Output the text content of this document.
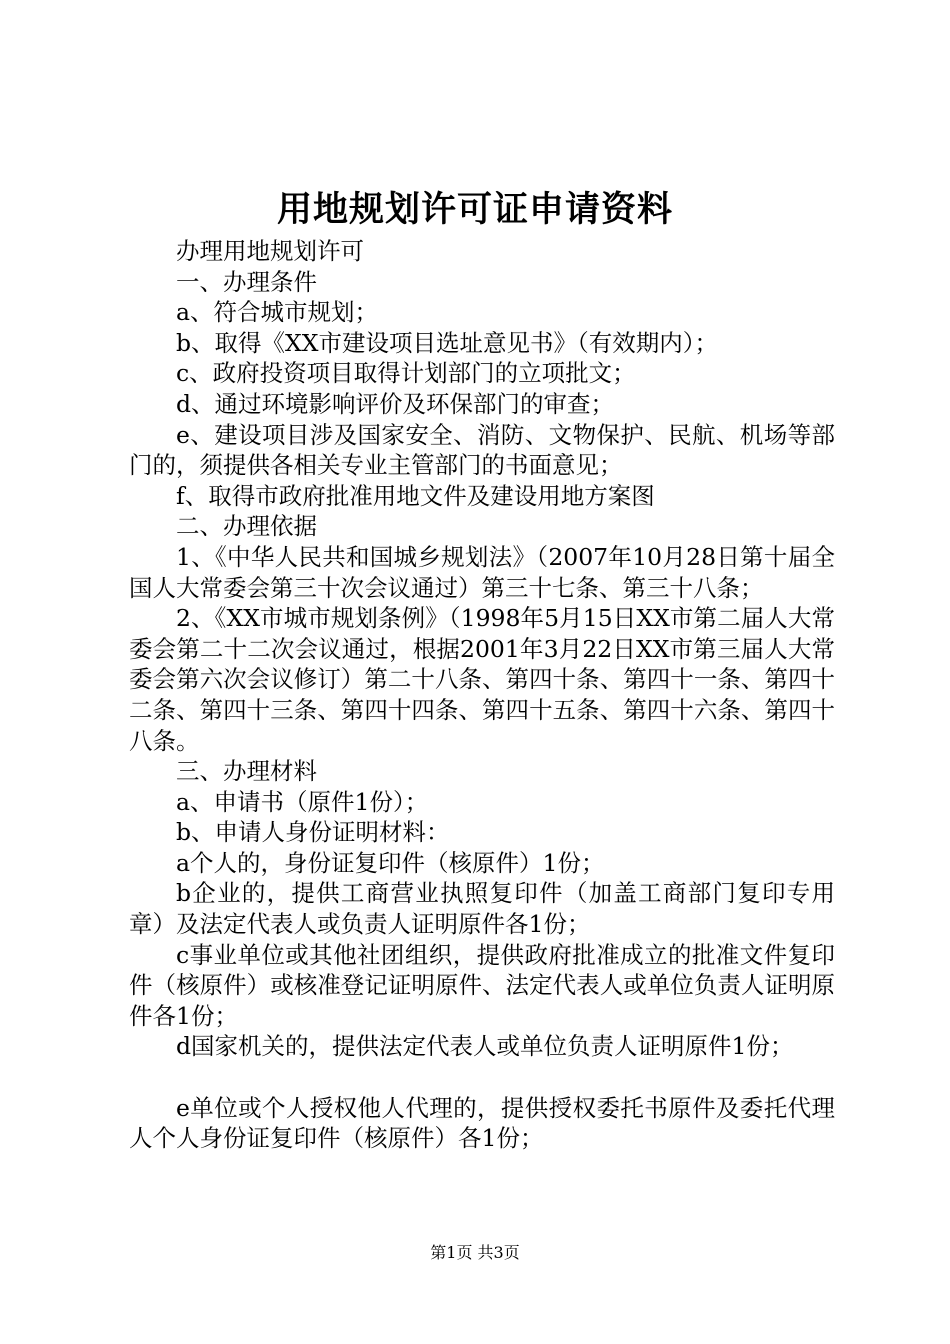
用地规划许可证申请资料

办理用地规划许可

一、办理条件

a、符合城市规划；

b、取得《XX市建设项目选址意见书》（有效期内）；

c、政府投资项目取得计划部门的立项批文；

d、通过环境影响评价及环保部门的审查；

e、建设项目涉及国家安全、消防、文物保护、民航、机场等部门的，须提供各相关专业主管部门的书面意见；

f、取得市政府批准用地文件及建设用地方案图

二、办理依据

1、《中华人民共和国城乡规划法》（2007年10月28日第十届全国人大常委会第三十次会议通过）第三十七条、第三十八条；

2、《XX市城市规划条例》（1998年5月15日XX市第二届人大常委会第二十二次会议通过，根据2001年3月22日XX市第三届人大常委会第六次会议修订）第二十八条、第四十条、第四十一条、第四十二条、第四十三条、第四十四条、第四十五条、第四十六条、第四十八条。

三、办理材料

a、申请书（原件1份）；

b、申请人身份证明材料：

a个人的，身份证复印件（核原件）1份；

b企业的，提供工商营业执照复印件（加盖工商部门复印专用章）及法定代表人或负责人证明原件各1份；

c事业单位或其他社团组织，提供政府批准成立的批准文件复印件（核原件）或核准登记证明原件、法定代表人或单位负责人证明原件各1份；

d国家机关的，提供法定代表人或单位负责人证明原件1份；

e单位或个人授权他人代理的，提供授权委托书原件及委托代理人个人身份证复印件（核原件）各1份；

第1页 共3页
